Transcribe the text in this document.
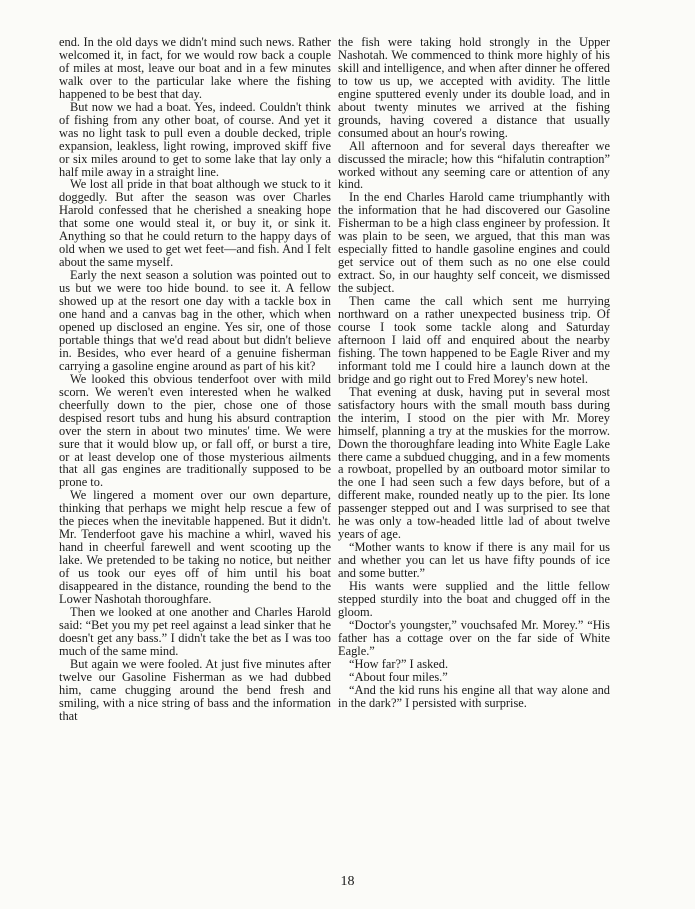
end. In the old days we didn't mind such news. Rather welcomed it, in fact, for we would row back a couple of miles at most, leave our boat and in a few minutes walk over to the particular lake where the fishing happened to be best that day.

But now we had a boat. Yes, indeed. Couldn't think of fishing from any other boat, of course. And yet it was no light task to pull even a double decked, triple expansion, leakless, light rowing, improved skiff five or six miles around to get to some lake that lay only a half mile away in a straight line.

We lost all pride in that boat although we stuck to it doggedly. But after the season was over Charles Harold confessed that he cherished a sneaking hope that some one would steal it, or buy it, or sink it. Anything so that he could return to the happy days of old when we used to get wet feet—and fish. And I felt about the same myself.

Early the next season a solution was pointed out to us but we were too hide bound. to see it. A fellow showed up at the resort one day with a tackle box in one hand and a canvas bag in the other, which when opened up disclosed an engine. Yes sir, one of those portable things that we'd read about but didn't believe in. Besides, who ever heard of a genuine fisherman carrying a gasoline engine around as part of his kit?

We looked this obvious tenderfoot over with mild scorn. We weren't even interested when he walked cheerfully down to the pier, chose one of those despised resort tubs and hung his absurd contraption over the stern in about two minutes' time. We were sure that it would blow up, or fall off, or burst a tire, or at least develop one of those mysterious ailments that all gas engines are traditionally supposed to be prone to.

We lingered a moment over our own departure, thinking that perhaps we might help rescue a few of the pieces when the inevitable happened. But it didn't. Mr. Tenderfoot gave his machine a whirl, waved his hand in cheerful farewell and went scooting up the lake. We pretended to be taking no notice, but neither of us took our eyes off of him until his boat disappeared in the distance, rounding the bend to the Lower Nashotah thoroughfare.

Then we looked at one another and Charles Harold said: “Bet you my pet reel against a lead sinker that he doesn't get any bass.” I didn't take the bet as I was too much of the same mind.

But again we were fooled. At just five minutes after twelve our Gasoline Fisherman as we had dubbed him, came chugging around the bend fresh and smiling, with a nice string of bass and the information that

the fish were taking hold strongly in the Upper Nashotah. We commenced to think more highly of his skill and intelligence, and when after dinner he offered to tow us up, we accepted with avidity. The little engine sputtered evenly under its double load, and in about twenty minutes we arrived at the fishing grounds, having covered a distance that usually consumed about an hour's rowing.

All afternoon and for several days thereafter we discussed the miracle; how this “hifalutin contraption” worked without any seeming care or attention of any kind.

In the end Charles Harold came triumphantly with the information that he had discovered our Gasoline Fisherman to be a high class engineer by profession. It was plain to be seen, we argued, that this man was especially fitted to handle gasoline engines and could get service out of them such as no one else could extract. So, in our haughty self conceit, we dismissed the subject.

Then came the call which sent me hurrying northward on a rather unexpected business trip. Of course I took some tackle along and Saturday afternoon I laid off and enquired about the nearby fishing. The town happened to be Eagle River and my informant told me I could hire a launch down at the bridge and go right out to Fred Morey's new hotel.

That evening at dusk, having put in several most satisfactory hours with the small mouth bass during the interim, I stood on the pier with Mr. Morey himself, planning a try at the muskies for the morrow. Down the thoroughfare leading into White Eagle Lake there came a subdued chugging, and in a few moments a rowboat, propelled by an outboard motor similar to the one I had seen such a few days before, but of a different make, rounded neatly up to the pier. Its lone passenger stepped out and I was surprised to see that he was only a tow-headed little lad of about twelve years of age.

“Mother wants to know if there is any mail for us and whether you can let us have fifty pounds of ice and some butter.”

His wants were supplied and the little fellow stepped sturdily into the boat and chugged off in the gloom.

“Doctor's youngster,” vouchsafed Mr. Morey.” “His father has a cottage over on the far side of White Eagle.”

“How far?” I asked.

“About four miles.”

“And the kid runs his engine all that way alone and in the dark?” I persisted with surprise.

18
